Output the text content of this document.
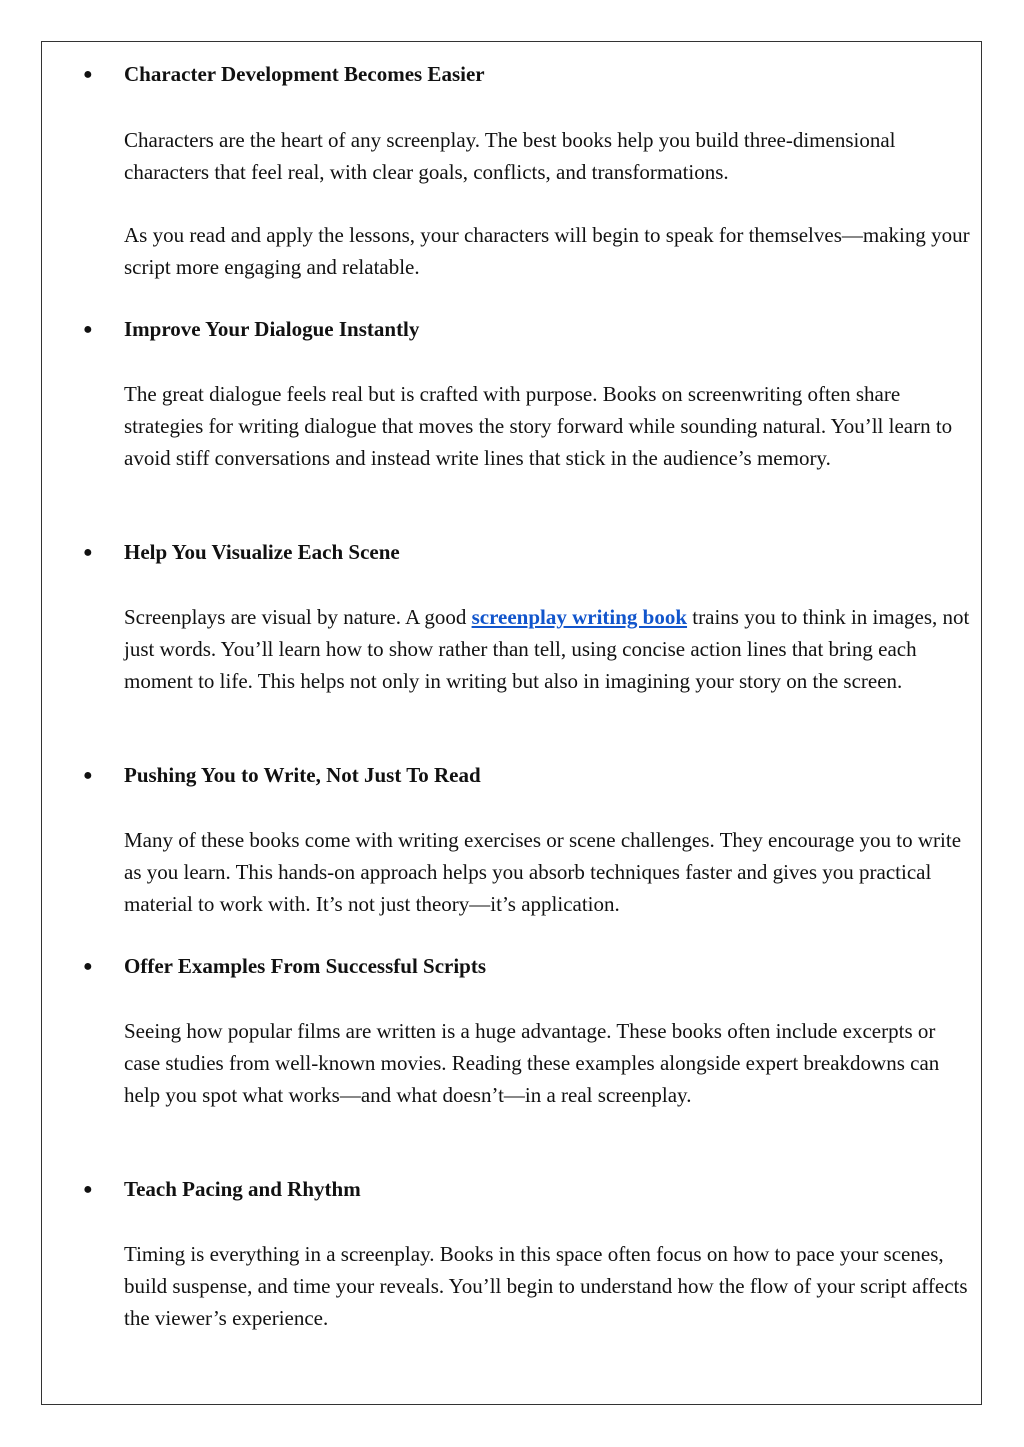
● Character Development Becomes Easier

Characters are the heart of any screenplay. The best books help you build three-dimensional characters that feel real, with clear goals, conflicts, and transformations.

As you read and apply the lessons, your characters will begin to speak for themselves—making your script more engaging and relatable.

● Improve Your Dialogue Instantly

The great dialogue feels real but is crafted with purpose. Books on screenwriting often share strategies for writing dialogue that moves the story forward while sounding natural. You’ll learn to avoid stiff conversations and instead write lines that stick in the audience’s memory.

● Help You Visualize Each Scene

Screenplays are visual by nature. A good screenplay writing book trains you to think in images, not just words. You’ll learn how to show rather than tell, using concise action lines that bring each moment to life. This helps not only in writing but also in imagining your story on the screen.

● Pushing You to Write, Not Just To Read

Many of these books come with writing exercises or scene challenges. They encourage you to write as you learn. This hands-on approach helps you absorb techniques faster and gives you practical material to work with. It’s not just theory—it’s application.

● Offer Examples From Successful Scripts

Seeing how popular films are written is a huge advantage. These books often include excerpts or case studies from well-known movies. Reading these examples alongside expert breakdowns can help you spot what works—and what doesn’t—in a real screenplay.

● Teach Pacing and Rhythm

Timing is everything in a screenplay. Books in this space often focus on how to pace your scenes, build suspense, and time your reveals. You’ll begin to understand how the flow of your script affects the viewer’s experience.
